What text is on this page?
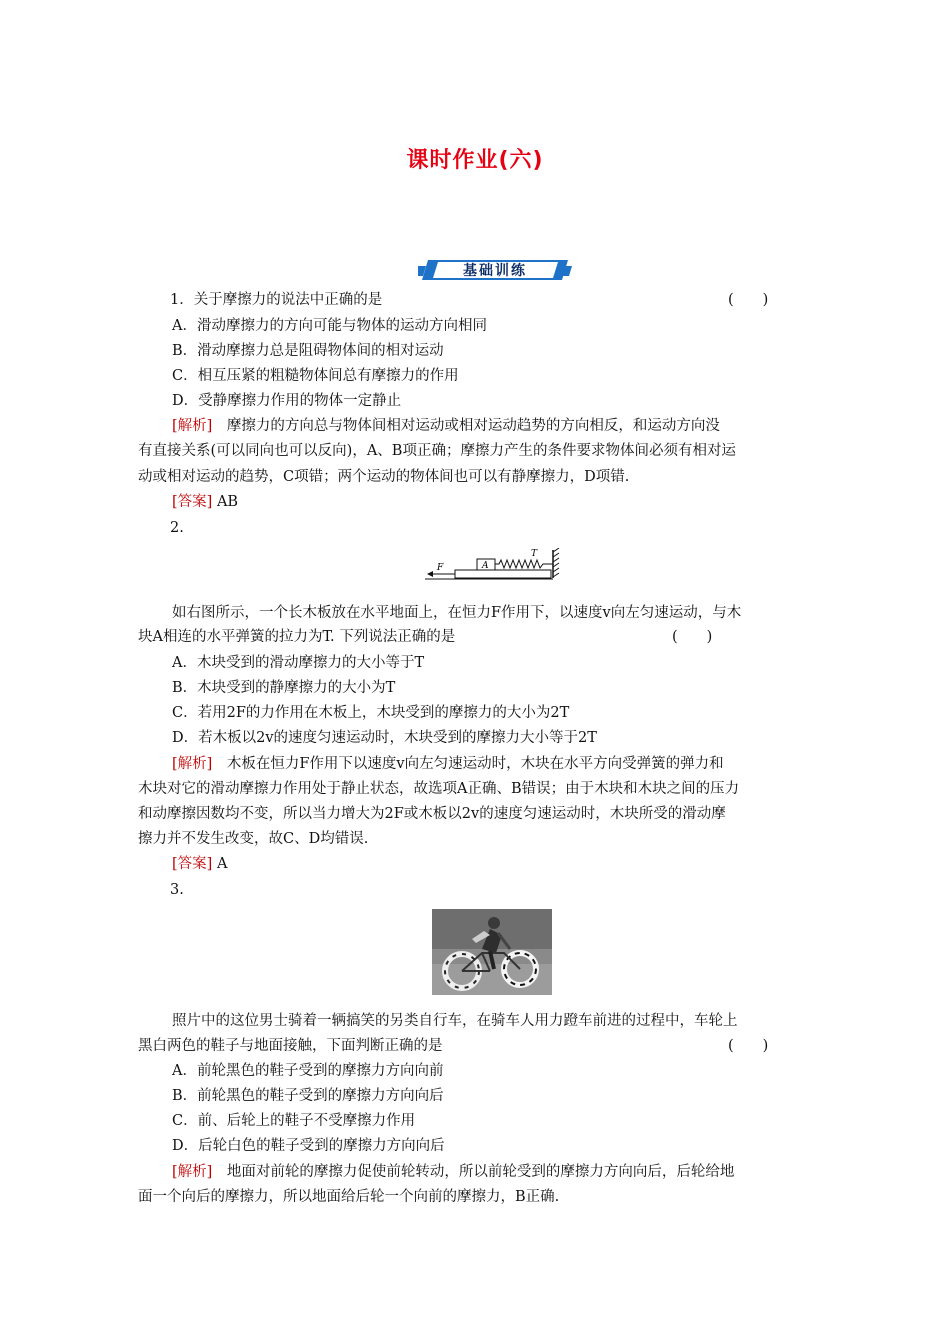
课时作业(六)
基础训练
1．关于摩擦力的说法中正确的是	(　　)
A．滑动摩擦力的方向可能与物体的运动方向相同
B．滑动摩擦力总是阻碍物体间的相对运动
C．相互压紧的粗糙物体间总有摩擦力的作用
D．受静摩擦力作用的物体一定静止
[解析]　摩擦力的方向总与物体间相对运动或相对运动趋势的方向相反，和运动方向没
有直接关系(可以同向也可以反向)，A、B项正确；摩擦力产生的条件要求物体间必须有相对运
动或相对运动的趋势，C项错；两个运动的物体间也可以有静摩擦力，D项错.
[答案] AB
2.
A
T
F
如右图所示，一个长木板放在水平地面上，在恒力F作用下，以速度v向左匀速运动，与木
块A相连的水平弹簧的拉力为T. 下列说法正确的是	(　　)
A．木块受到的滑动摩擦力的大小等于T
B．木块受到的静摩擦力的大小为T
C．若用2F的力作用在木板上，木块受到的摩擦力的大小为2T
D．若木板以2v的速度匀速运动时，木块受到的摩擦力大小等于2T
[解析]　木板在恒力F作用下以速度v向左匀速运动时，木块在水平方向受弹簧的弹力和
木块对它的滑动摩擦力作用处于静止状态，故选项A正确、B错误；由于木块和木块之间的压力
和动摩擦因数均不变，所以当力增大为2F或木板以2v的速度匀速运动时，木块所受的滑动摩
擦力并不发生改变，故C、D均错误.
[答案] A
3.
照片中的这位男士骑着一辆搞笑的另类自行车，在骑车人用力蹬车前进的过程中，车轮上
黑白两色的鞋子与地面接触，下面判断正确的是	(　　)
A．前轮黑色的鞋子受到的摩擦力方向向前
B．前轮黑色的鞋子受到的摩擦力方向向后
C．前、后轮上的鞋子不受摩擦力作用
D．后轮白色的鞋子受到的摩擦力方向向后
[解析]　地面对前轮的摩擦力促使前轮转动，所以前轮受到的摩擦力方向向后，后轮给地
面一个向后的摩擦力，所以地面给后轮一个向前的摩擦力，B正确.
